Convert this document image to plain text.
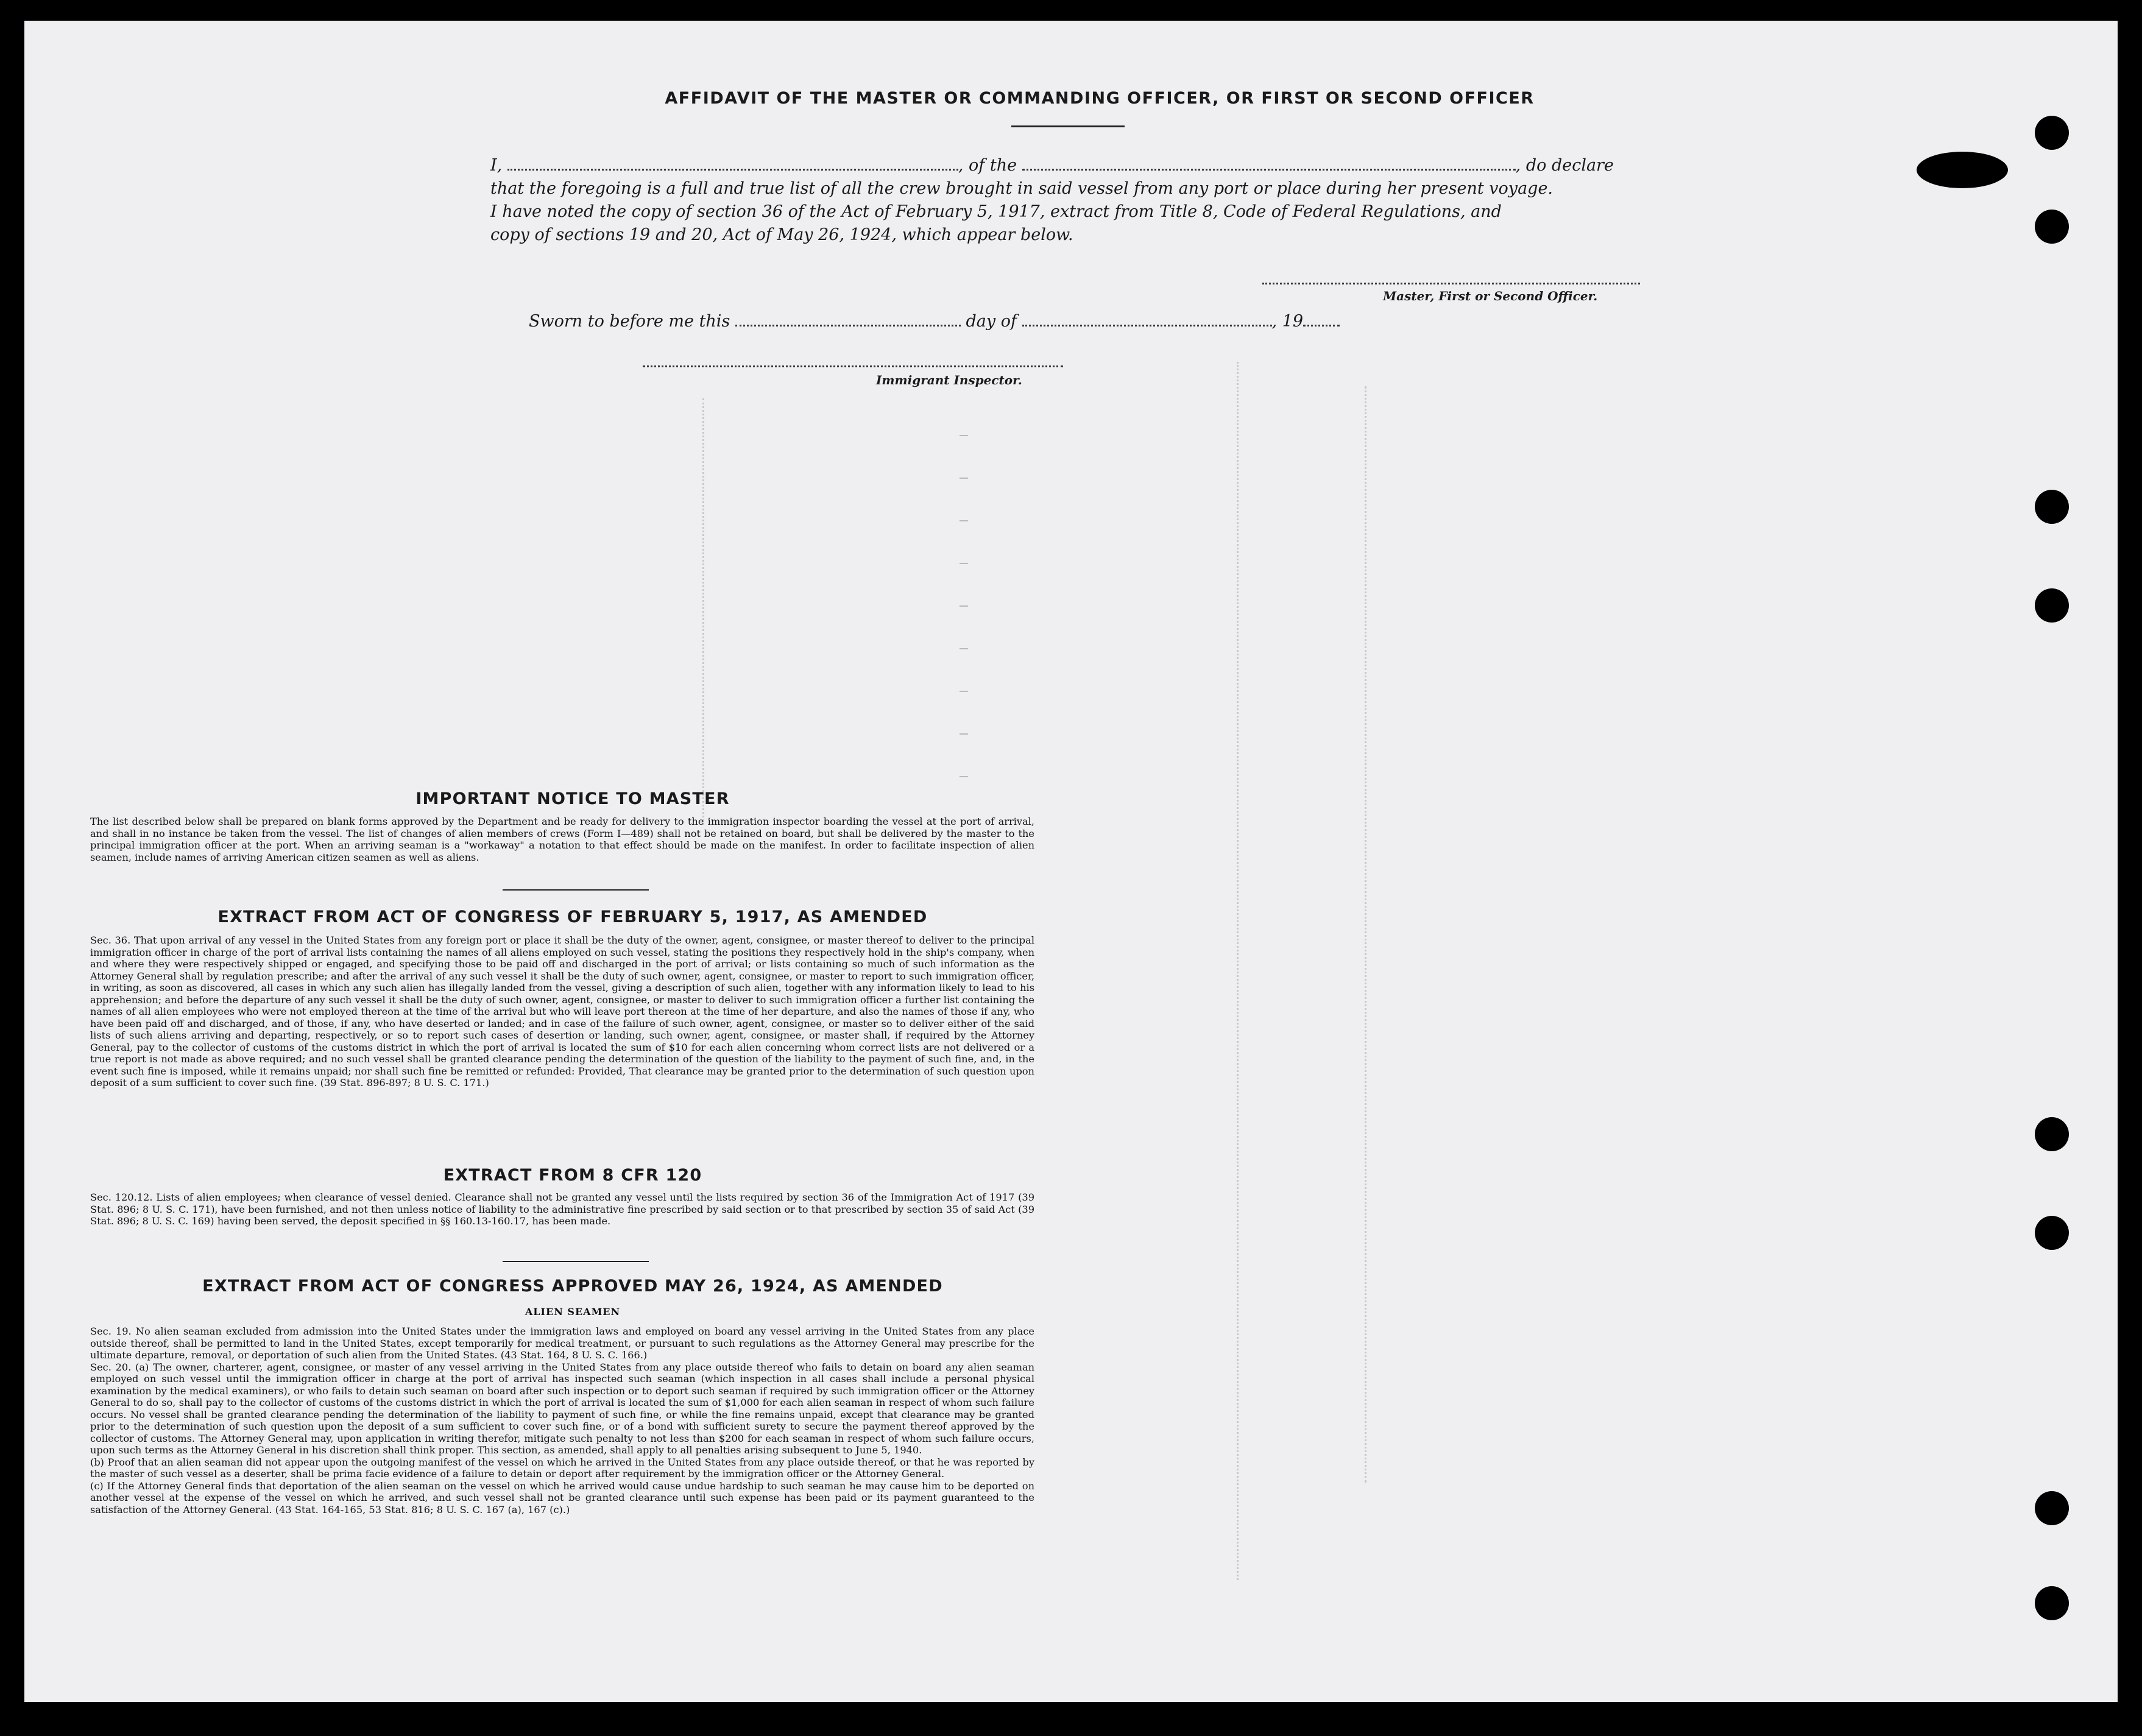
AFFIDAVIT OF THE MASTER OR COMMANDING OFFICER, OR FIRST OR SECOND OFFICER
I,	, of the	, do declare
that the foregoing is a full and true list of all the crew brought in said vessel from any port or place during her present voyage.
I have noted the copy of section 36 of the Act of February 5, 1917, extract from Title 8, Code of Federal Regulations, and
copy of sections 19 and 20, Act of May 26, 1924, which appear below.
Master, First or Second Officer.
Sworn to before me this	day of	, 19
Immigrant Inspector.
IMPORTANT NOTICE TO MASTER
The list described below shall be prepared on blank forms approved by the Department and be ready for delivery to the immigration inspector boarding the vessel at the port of arrival, and shall in no instance be taken from the vessel. The list of changes of alien members of crews (Form I—489) shall not be retained on board, but shall be delivered by the master to the principal immigration officer at the port. When an arriving seaman is a "workaway" a notation to that effect should be made on the manifest. In order to facilitate inspection of alien seamen, include names of arriving American citizen seamen as well as aliens.
EXTRACT FROM ACT OF CONGRESS OF FEBRUARY 5, 1917, AS AMENDED
Sec. 36. That upon arrival of any vessel in the United States from any foreign port or place it shall be the duty of the owner, agent, consignee, or master thereof to deliver to the principal immigration officer in charge of the port of arrival lists containing the names of all aliens employed on such vessel, stating the positions they respectively hold in the ship's company, when and where they were respectively shipped or engaged, and specifying those to be paid off and discharged in the port of arrival; or lists containing so much of such information as the Attorney General shall by regulation prescribe; and after the arrival of any such vessel it shall be the duty of such owner, agent, consignee, or master to report to such immigration officer, in writing, as soon as discovered, all cases in which any such alien has illegally landed from the vessel, giving a description of such alien, together with any information likely to lead to his apprehension; and before the departure of any such vessel it shall be the duty of such owner, agent, consignee, or master to deliver to such immigration officer a further list containing the names of all alien employees who were not employed thereon at the time of the arrival but who will leave port thereon at the time of her departure, and also the names of those if any, who have been paid off and discharged, and of those, if any, who have deserted or landed; and in case of the failure of such owner, agent, consignee, or master so to deliver either of the said lists of such aliens arriving and departing, respectively, or so to report such cases of desertion or landing, such owner, agent, consignee, or master shall, if required by the Attorney General, pay to the collector of customs of the customs district in which the port of arrival is located the sum of $10 for each alien concerning whom correct lists are not delivered or a true report is not made as above required; and no such vessel shall be granted clearance pending the determination of the question of the liability to the payment of such fine, and, in the event such fine is imposed, while it remains unpaid; nor shall such fine be remitted or refunded: Provided, That clearance may be granted prior to the determination of such question upon deposit of a sum sufficient to cover such fine. (39 Stat. 896-897; 8 U. S. C. 171.)
EXTRACT FROM 8 CFR 120
Sec. 120.12. Lists of alien employees; when clearance of vessel denied. Clearance shall not be granted any vessel until the lists required by section 36 of the Immigration Act of 1917 (39 Stat. 896; 8 U. S. C. 171), have been furnished, and not then unless notice of liability to the administrative fine prescribed by said section or to that prescribed by section 35 of said Act (39 Stat. 896; 8 U. S. C. 169) having been served, the deposit specified in §§ 160.13-160.17, has been made.
EXTRACT FROM ACT OF CONGRESS APPROVED MAY 26, 1924, AS AMENDED
ALIEN SEAMEN
Sec. 19. No alien seaman excluded from admission into the United States under the immigration laws and employed on board any vessel arriving in the United States from any place outside thereof, shall be permitted to land in the United States, except temporarily for medical treatment, or pursuant to such regulations as the Attorney General may prescribe for the ultimate departure, removal, or deportation of such alien from the United States. (43 Stat. 164, 8 U. S. C. 166.)
Sec. 20. (a) The owner, charterer, agent, consignee, or master of any vessel arriving in the United States from any place outside thereof who fails to detain on board any alien seaman employed on such vessel until the immigration officer in charge at the port of arrival has inspected such seaman (which inspection in all cases shall include a personal physical examination by the medical examiners), or who fails to detain such seaman on board after such inspection or to deport such seaman if required by such immigration officer or the Attorney General to do so, shall pay to the collector of customs of the customs district in which the port of arrival is located the sum of $1,000 for each alien seaman in respect of whom such failure occurs. No vessel shall be granted clearance pending the determination of the liability to payment of such fine, or while the fine remains unpaid, except that clearance may be granted prior to the determination of such question upon the deposit of a sum sufficient to cover such fine, or of a bond with sufficient surety to secure the payment thereof approved by the collector of customs. The Attorney General may, upon application in writing therefor, mitigate such penalty to not less than $200 for each seaman in respect of whom such failure occurs, upon such terms as the Attorney General in his discretion shall think proper. This section, as amended, shall apply to all penalties arising subsequent to June 5, 1940.
(b) Proof that an alien seaman did not appear upon the outgoing manifest of the vessel on which he arrived in the United States from any place outside thereof, or that he was reported by the master of such vessel as a deserter, shall be prima facie evidence of a failure to detain or deport after requirement by the immigration officer or the Attorney General.
(c) If the Attorney General finds that deportation of the alien seaman on the vessel on which he arrived would cause undue hardship to such seaman he may cause him to be deported on another vessel at the expense of the vessel on which he arrived, and such vessel shall not be granted clearance until such expense has been paid or its payment guaranteed to the satisfaction of the Attorney General. (43 Stat. 164-165, 53 Stat. 816; 8 U. S. C. 167 (a), 167 (c).)
